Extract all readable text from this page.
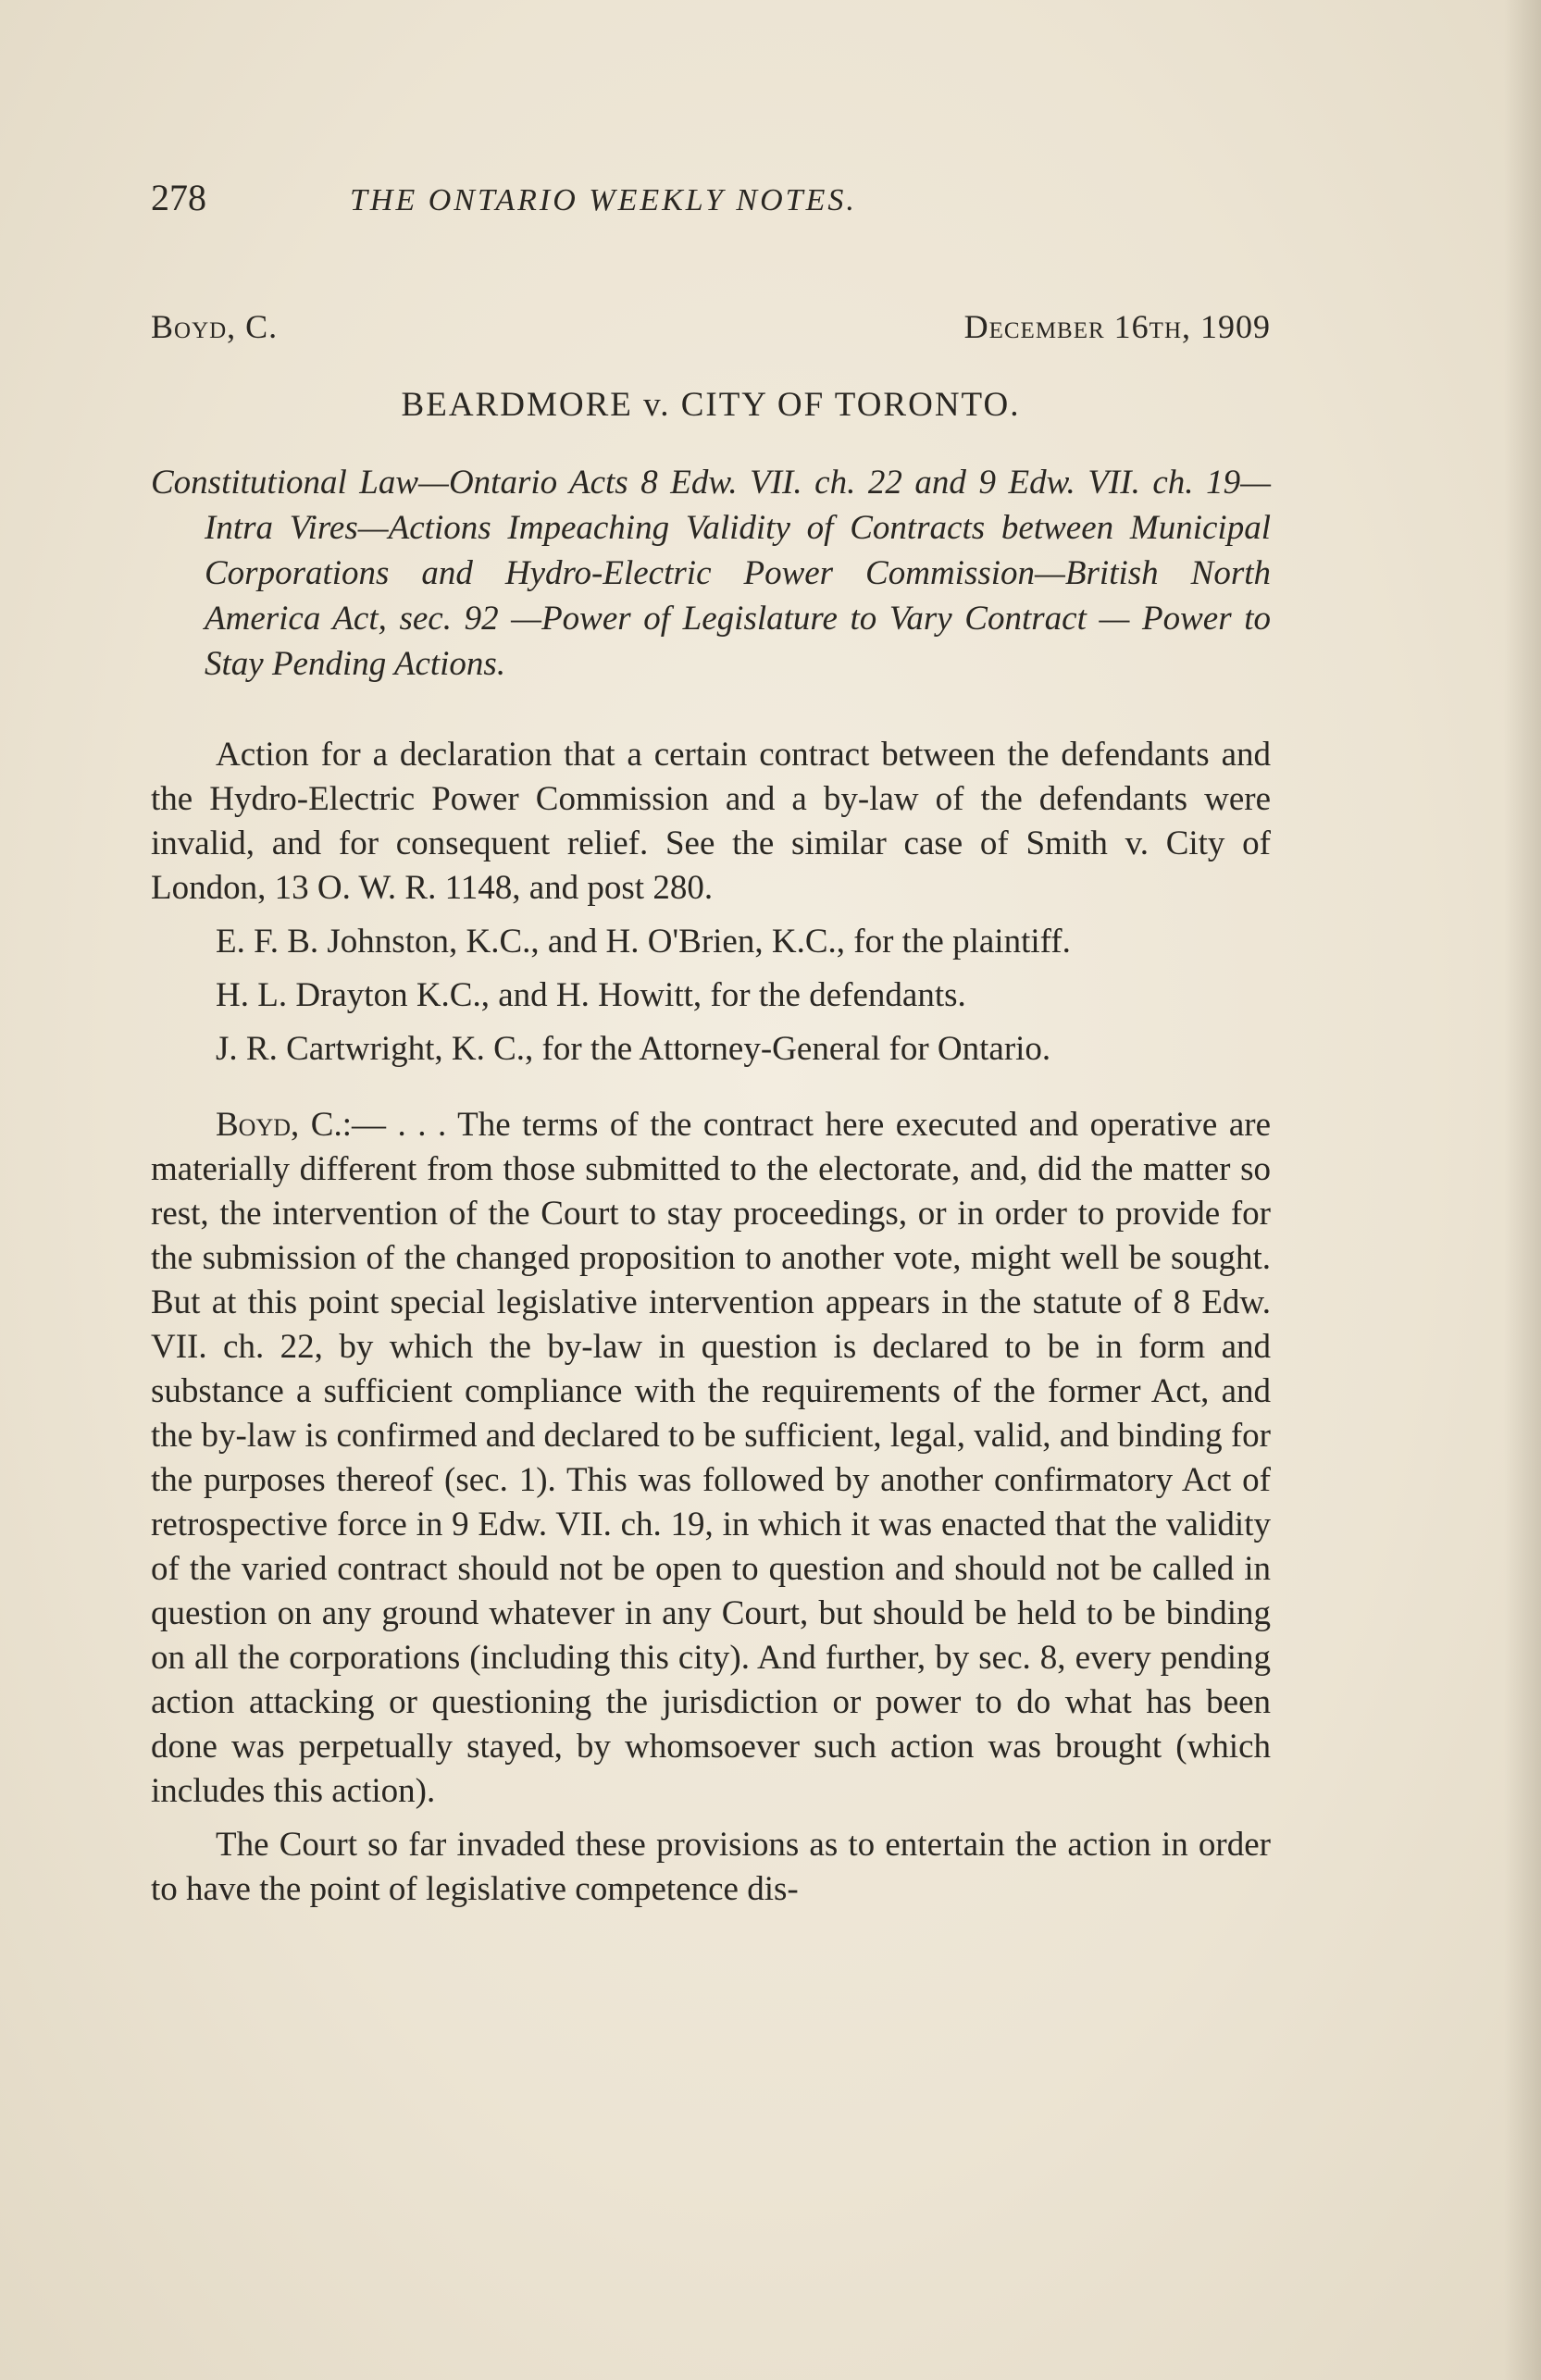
278	THE ONTARIO WEEKLY NOTES.
Boyd, C.	December 16th, 1909
BEARDMORE v. CITY OF TORONTO.
Constitutional Law—Ontario Acts 8 Edw. VII. ch. 22 and 9 Edw. VII. ch. 19—Intra Vires—Actions Impeaching Validity of Contracts between Municipal Corporations and Hydro-Electric Power Commission—British North America Act, sec. 92 —Power of Legislature to Vary Contract — Power to Stay Pending Actions.

Action for a declaration that a certain contract between the defendants and the Hydro-Electric Power Commission and a by-law of the defendants were invalid, and for consequent relief. See the similar case of Smith v. City of London, 13 O. W. R. 1148, and post 280.

E. F. B. Johnston, K.C., and H. O'Brien, K.C., for the plaintiff.

H. L. Drayton K.C., and H. Howitt, for the defendants.

J. R. Cartwright, K. C., for the Attorney-General for Ontario.

Boyd, C.:— . . . The terms of the contract here executed and operative are materially different from those submitted to the electorate, and, did the matter so rest, the intervention of the Court to stay proceedings, or in order to provide for the submission of the changed proposition to another vote, might well be sought. But at this point special legislative intervention appears in the statute of 8 Edw. VII. ch. 22, by which the by-law in question is declared to be in form and substance a sufficient compliance with the requirements of the former Act, and the by-law is confirmed and declared to be sufficient, legal, valid, and binding for the purposes thereof (sec. 1). This was followed by another confirmatory Act of retrospective force in 9 Edw. VII. ch. 19, in which it was enacted that the validity of the varied contract should not be open to question and should not be called in question on any ground whatever in any Court, but should be held to be binding on all the corporations (including this city). And further, by sec. 8, every pending action attacking or questioning the jurisdiction or power to do what has been done was perpetually stayed, by whomsoever such action was brought (which includes this action).

The Court so far invaded these provisions as to entertain the action in order to have the point of legislative competence dis-
